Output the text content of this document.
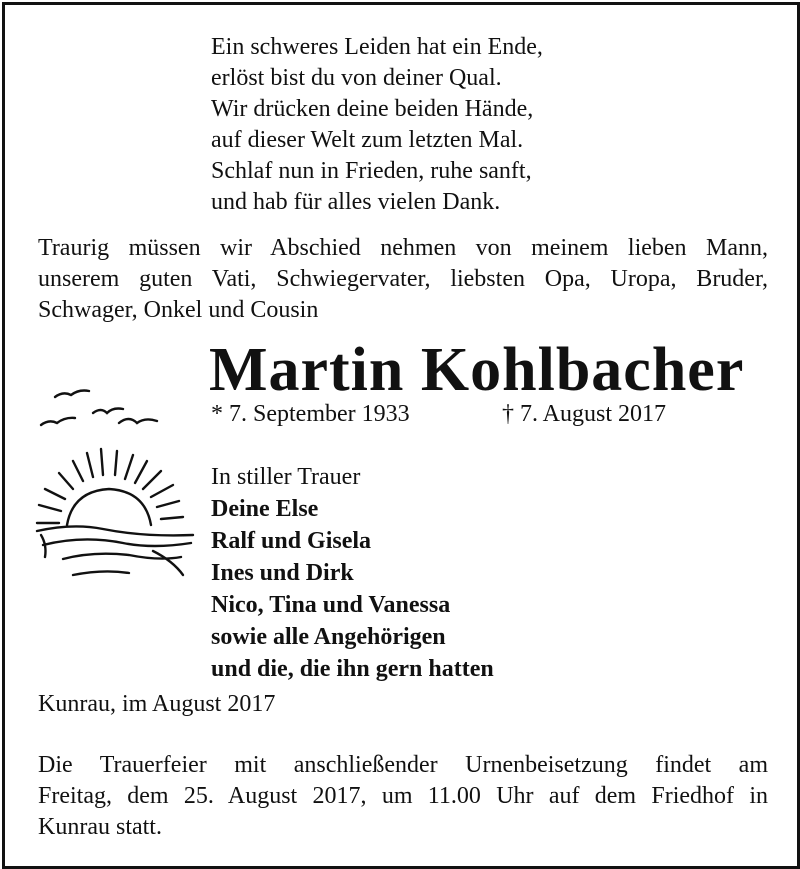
Ein schweres Leiden hat ein Ende,
erlöst bist du von deiner Qual.
Wir drücken deine beiden Hände,
auf dieser Welt zum letzten Mal.
Schlaf nun in Frieden, ruhe sanft,
und hab für alles vielen Dank.
Traurig müssen wir Abschied nehmen von meinem lieben Mann,
unserem guten Vati, Schwiegervater, liebsten Opa, Uropa, Bruder,
Schwager, Onkel und Cousin
Martin Kohlbacher
* 7. September 1933	† 7. August 2017
In stiller Trauer
Deine Else
Ralf und Gisela
Ines und Dirk
Nico, Tina und Vanessa
sowie alle Angehörigen
und die, die ihn gern hatten
Kunrau, im August 2017
Die Trauerfeier mit anschließender Urnenbeisetzung findet am
Freitag, dem 25. August 2017, um 11.00 Uhr auf dem Friedhof in
Kunrau statt.
